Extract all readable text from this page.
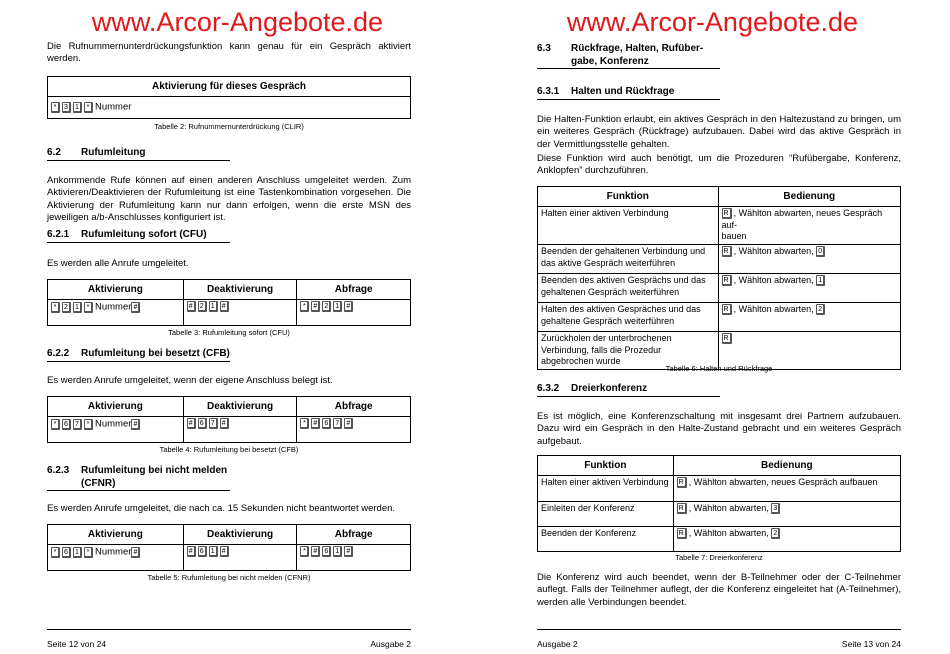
www.Arcor-Angebote.de
Die Rufnummernunterdrückungsfunktion kann genau für ein Gespräch aktiviert werden.
Aktivierung für dieses Gespräch
* 3 1 * Nummer
Tabelle 2: Rufnummernunterdrückung (CLIR)
6.2 Rufumleitung
Ankommende Rufe können auf einen anderen Anschluss umgeleitet werden. Zum Aktivieren/Deaktivieren der Rufumleitung ist eine Tastenkombination vorgesehen. Die Aktivierung der Rufumleitung kann nur dann erfolgen, wenn die erste MSN des jeweiligen a/b-Anschlusses konfiguriert ist.
6.2.1 Rufumleitung sofort (CFU)
Es werden alle Anrufe umgeleitet.
Aktivierung	Deaktivierung	Abfrage
* 2 1 * Nummer #	# 2 1 #	* # 2 1 #
Tabelle 3: Rufumleitung sofort (CFU)
6.2.2 Rufumleitung bei besetzt (CFB)
Es werden Anrufe umgeleitet, wenn der eigene Anschluss belegt ist.
Aktivierung	Deaktivierung	Abfrage
* 6 7 * Nummer #	# 6 7 #	* # 6 7 #
Tabelle 4: Rufumleitung bei besetzt (CFB)
6.2.3 Rufumleitung bei nicht melden
(CFNR)
Es werden Anrufe umgeleitet, die nach ca. 15 Sekunden nicht beantwortet werden.
Aktivierung	Deaktivierung	Abfrage
* 6 1 * Nummer #	# 6 1 #	* # 6 1 #
Tabelle 5: Rufumleitung bei nicht melden (CFNR)
Seite 12 von 24	Ausgabe 2
www.Arcor-Angebote.de
6.3 Rückfrage, Halten, Rufüber-
gabe, Konferenz
6.3.1 Halten und Rückfrage
Die Halten-Funktion erlaubt, ein aktives Gespräch in den Haltezustand zu bringen, um ein weiteres Gespräch (Rückfrage) aufzubauen. Dabei wird das aktive Gespräch in der Vermittlungsstelle gehalten.
Diese Funktion wird auch benötigt, um die Prozeduren “Rufübergabe, Konferenz, Anklopfen” durchzuführen.
Funktion	Bedienung
Halten einer aktiven Verbindung	R , Wählton abwarten, neues Gespräch auf-
bauen
Beenden der gehaltenen Verbindung und das aktive Gespräch weiterführen	R , Wählton abwarten, 0
Beenden des aktiven Gesprächs und das gehaltenen Gespräch weiterführen	R , Wählton abwarten, 1
Halten des aktiven Gespräches und das gehaltene Gespräch weiterführen	R , Wählton abwarten, 2
Zurückholen der unterbrochenen Verbindung, falls die Prozedur abgebrochen wurde	R
Tabelle 6: Halten und Rückfrage
6.3.2 Dreierkonferenz
Es ist möglich, eine Konferenzschaltung mit insgesamt drei Partnern aufzubauen. Dazu wird ein Gespräch in den Halte-Zustand gebracht und ein weiteres Gespräch aufgebaut.
Funktion	Bedienung
Halten einer aktiven Verbindung	R , Wählton abwarten, neues Gespräch aufbauen
Einleiten der Konferenz	R , Wählton abwarten, 3
Beenden der Konferenz	R , Wählton abwarten, 2
Tabelle 7: Dreierkonferenz
Die Konferenz wird auch beendet, wenn der B-Teilnehmer oder der C-Teilnehmer auflegt. Falls der Teilnehmer auflegt, der die Konferenz eingeleitet hat (A-Teilnehmer), werden alle Verbindungen beendet.
Ausgabe 2	Seite 13 von 24
